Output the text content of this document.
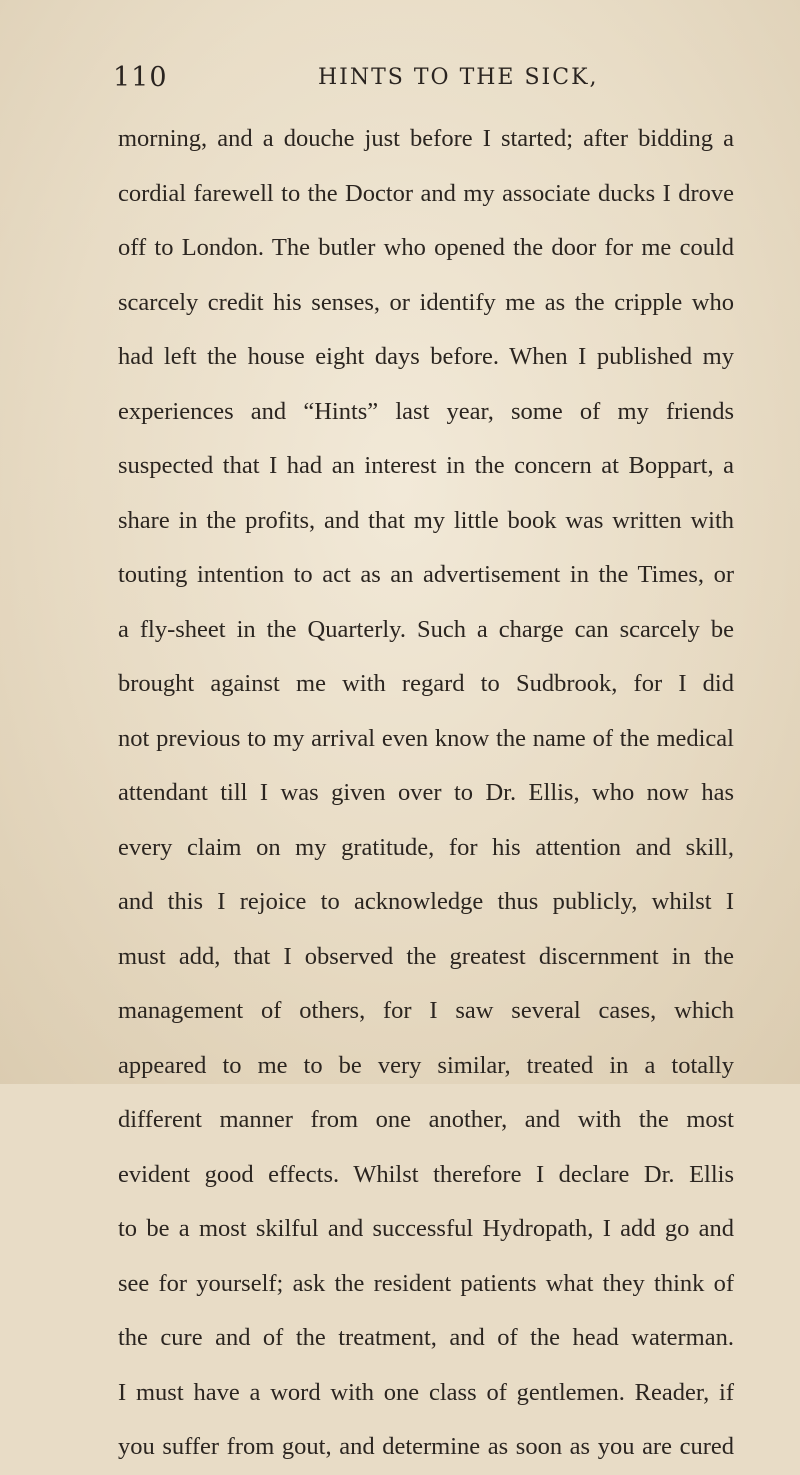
110	HINTS TO THE SICK,
morning, and a douche just before I started; after bidding a
cordial farewell to the Doctor and my associate ducks I drove
off to London. The butler who opened the door for me could
scarcely credit his senses, or identify me as the cripple who
had left the house eight days before. When I published my
experiences and “Hints” last year, some of my friends
suspected that I had an interest in the concern at Boppart, a
share in the profits, and that my little book was written with
touting intention to act as an advertisement in the Times, or
a fly-sheet in the Quarterly. Such a charge can scarcely be
brought against me with regard to Sudbrook, for I did
not previous to my arrival even know the name of the medical
attendant till I was given over to Dr. Ellis, who now has
every claim on my gratitude, for his attention and skill,
and this I rejoice to acknowledge thus publicly, whilst I
must add, that I observed the greatest discernment in the
management of others, for I saw several cases, which
appeared to me to be very similar, treated in a totally
different manner from one another, and with the most
evident good effects. Whilst therefore I declare Dr. Ellis
to be a most skilful and successful Hydropath, I add go and
see for yourself; ask the resident patients what they think of
the cure and of the treatment, and of the head waterman.
I must have a word with one class of gentlemen. Reader, if
you suffer from gout, and determine as soon as you are cured
